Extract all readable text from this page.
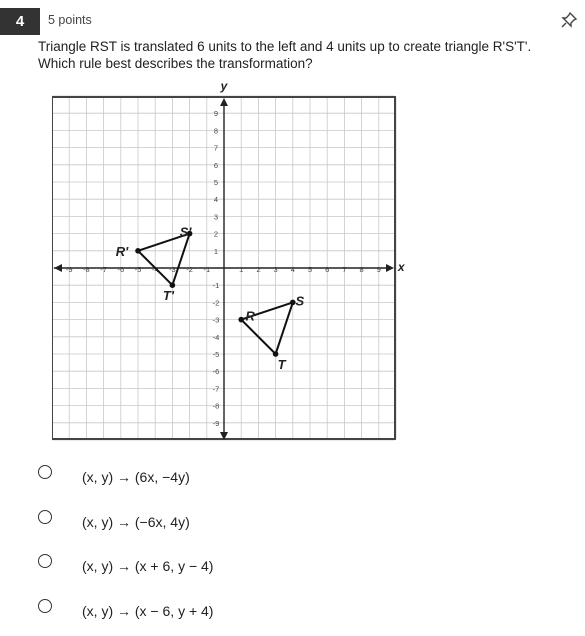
4 5 points
Triangle RST is translated 6 units to the left and 4 units up to create triangle R'S'T'.
Which rule best describes the transformation?
x
y
-9 -8 -7 -6 -5 -4 -3 -2 -1	1 2 3 4 5 6 7 8 9
9
8
7
6
5
4
3
2
1
-1
-2
-3
-4
-5
-6
-7
-8
-9
R
S
T
R'
S'
T'
(x, y) → (6x, −4y)
(x, y) → (−6x, 4y)
(x, y) → (x + 6, y − 4)
(x, y) → (x − 6, y + 4)
